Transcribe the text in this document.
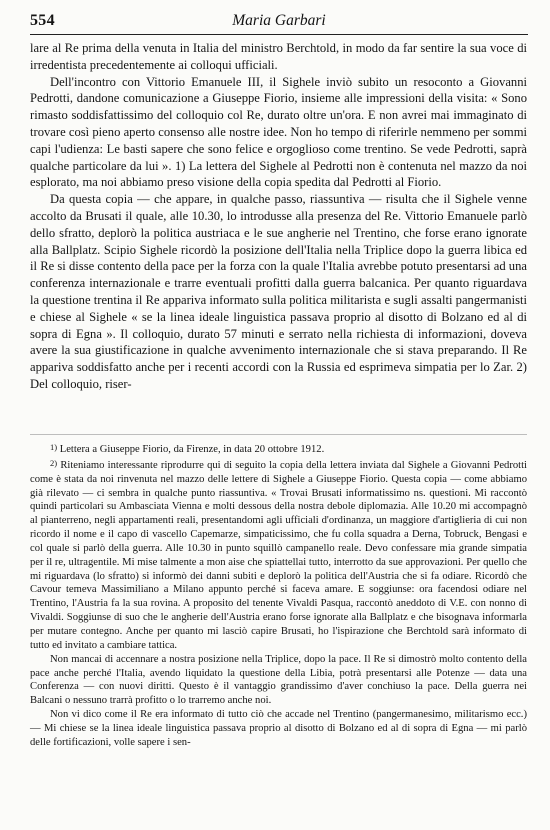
554	Maria Garbari

lare al Re prima della venuta in Italia del ministro Berchtold, in modo da far sentire la sua voce di irredentista precedentemente ai colloqui ufficiali.

Dell'incontro con Vittorio Emanuele III, il Sighele inviò subito un resoconto a Giovanni Pedrotti, dandone comunicazione a Giuseppe Fiorio, insieme alle impressioni della visita: « Sono rimasto soddisfattissimo del colloquio col Re, durato oltre un'ora. E non avrei mai immaginato di trovare così pieno aperto consenso alle nostre idee. Non ho tempo di riferirle nemmeno per sommi capi l'udienza: Le basti sapere che sono felice e orgoglioso come trentino. Se vede Pedrotti, saprà qualche particolare da lui ». 1) La lettera del Sighele al Pedrotti non è contenuta nel mazzo da noi esplorato, ma noi abbiamo preso visione della copia spedita dal Pedrotti al Fiorio.

Da questa copia — che appare, in qualche passo, riassuntiva — risulta che il Sighele venne accolto da Brusati il quale, alle 10.30, lo introdusse alla presenza del Re. Vittorio Emanuele parlò dello sfratto, deplorò la politica austriaca e le sue angherie nel Trentino, che forse erano ignorate alla Ballplatz. Scipio Sighele ricordò la posizione dell'Italia nella Triplice dopo la guerra libica ed il Re si disse contento della pace per la forza con la quale l'Italia avrebbe potuto presentarsi ad una conferenza internazionale e trarre eventuali profitti dalla guerra balcanica. Per quanto riguardava la questione trentina il Re appariva informato sulla politica militarista e sugli assalti pangermanisti e chiese al Sighele « se la linea ideale linguistica passava proprio al disotto di Bolzano ed al di sopra di Egna ». Il colloquio, durato 57 minuti e serrato nella richiesta di informazioni, doveva avere la sua giustificazione in qualche avvenimento internazionale che si stava preparando. Il Re appariva soddisfatto anche per i recenti accordi con la Russia ed esprimeva simpatia per lo Zar. 2) Del colloquio, riser-

1) Lettera a Giuseppe Fiorio, da Firenze, in data 20 ottobre 1912.

2) Riteniamo interessante riprodurre qui di seguito la copia della lettera inviata dal Sighele a Giovanni Pedrotti come è stata da noi rinvenuta nel mazzo delle lettere di Sighele a Giuseppe Fiorio. Questa copia — come abbiamo già rilevato — ci sembra in qualche punto riassuntiva. « Trovai Brusati informatissimo ns. questioni. Mi raccontò quindi particolari su Ambasciata Vienna e molti dessous della nostra debole diplomazia. Alle 10.20 mi accompagnò al pianterreno, negli appartamenti reali, presentandomi agli ufficiali d'ordinanza, un maggiore d'artiglieria di cui non ricordo il nome e il capo di vascello Capemarze, simpaticissimo, che fu colla squadra a Derna, Tobruck, Bengasi e col quale si parlò della guerra. Alle 10.30 in punto squillò campanello reale. Devo confessare mia grande simpatia per il re, ultragentile. Mi mise talmente a mon aise che spiattellai tutto, interrotto da sue approvazioni. Per quello che mi riguardava (lo sfratto) si informò dei danni subiti e deplorò la politica dell'Austria che si fa odiare. Ricordò che Cavour temeva Massimiliano a Milano appunto perché si faceva amare. E soggiunse: ora facendosi odiare nel Trentino, l'Austria fa la sua rovina. A proposito del tenente Vivaldi Pasqua, raccontò aneddoto di V.E. con nonno di Vivaldi. Soggiunse di suo che le angherie dell'Austria erano forse ignorate alla Ballplatz e che bisognava informarla per mutare contegno. Anche per quanto mi lasciò capire Brusati, ho l'ispirazione che Berchtold sarà informato di tutto ed invitato a cambiare tattica.

Non mancai di accennare a nostra posizione nella Triplice, dopo la pace. Il Re si dimostrò molto contento della pace anche perché l'Italia, avendo liquidato la questione della Libia, potrà presentarsi alle Potenze — data una Conferenza — con nuovi diritti. Questo è il vantaggio grandissimo d'aver conchiuso la pace. Della guerra nei Balcani o nessuno trarrà profitto o lo trarremo anche noi.

Non vi dico come il Re era informato di tutto ciò che accade nel Trentino (pangermanesimo, militarismo ecc.) — Mi chiese se la linea ideale linguistica passava proprio al disotto di Bolzano ed al di sopra di Egna — mi parlò delle fortificazioni, volle sapere i sen-
